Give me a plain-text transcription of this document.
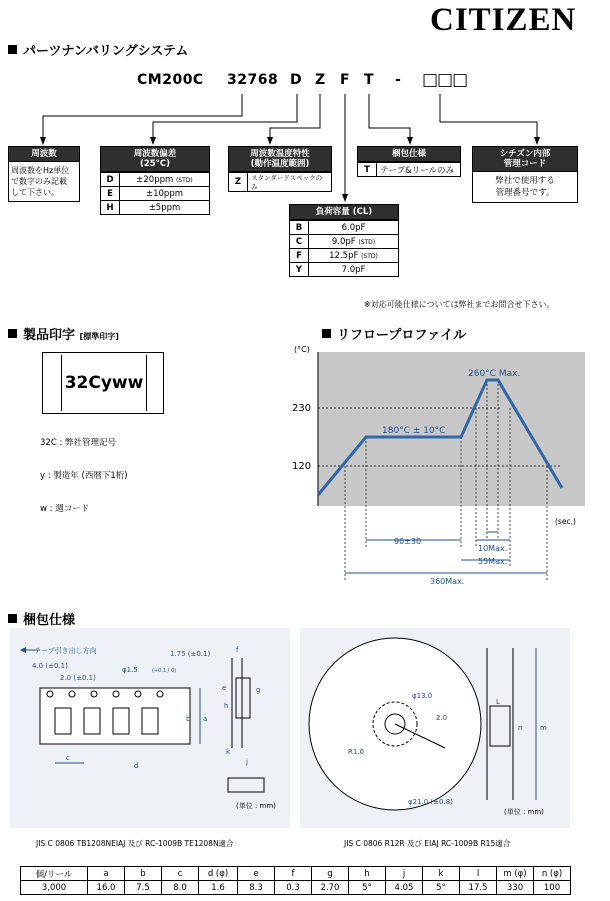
CITIZEN
パーツナンバリングシステム
CM200C 32768 D Z F T - □□□
周波数
周波数をHz単位
で数字のみ記載
して下さい。
周波数偏差
(25°C)
D	±20ppm (STD)
E	±10ppm
H	±5ppm
周波数温度特性
(動作温度範囲)
Z	スタンダードスペックのみ
梱包仕様
T	テープ&リールのみ
シチズン内部
管理コード
弊社で使用する
管理番号です。
負荷容量 (CL)
B	6.0pF
C	9.0pF (STD)
F	12.5pF (STD)
Y	7.0pF
※対応可能仕様については弊社までお問合せ下さい。
製品印字 [標準印字]
32Cyww
32C : 弊社管理記号
y : 製造年 (西暦下1桁)
w : 週コード
リフロープロファイル
(°C)
230
120
260°C Max.
180°C ± 10°C
(sec.)
90±30
10Max.
55Max.
360Max.
梱包仕様
テープ引き出し方向
4.0 (±0.1)
2.0 (±0.1)
φ1.5	(+0.1 / 0)
1.75 (±0.1)
b a
c
d
f
e	g
h
k
j
(単位 : mm)
φ13.0
2.0
R1.0
φ21.0 (±0.8)
L
n	m
(単位 : mm)
JIS C 0806 TB1208NEIAJ 及び RC-1009B TE1208N適合	JIS C 0806 R12R 及び EIAJ RC-1009B R15適合
個/リール	a	b	c	d (φ)	e	f	g	h	j	k	l	m (φ)	n (φ)
3,000	16.0	7.5	8.0	1.6	8.3	0.3	2.70	5°	4.05	5°	17.5	330	100
